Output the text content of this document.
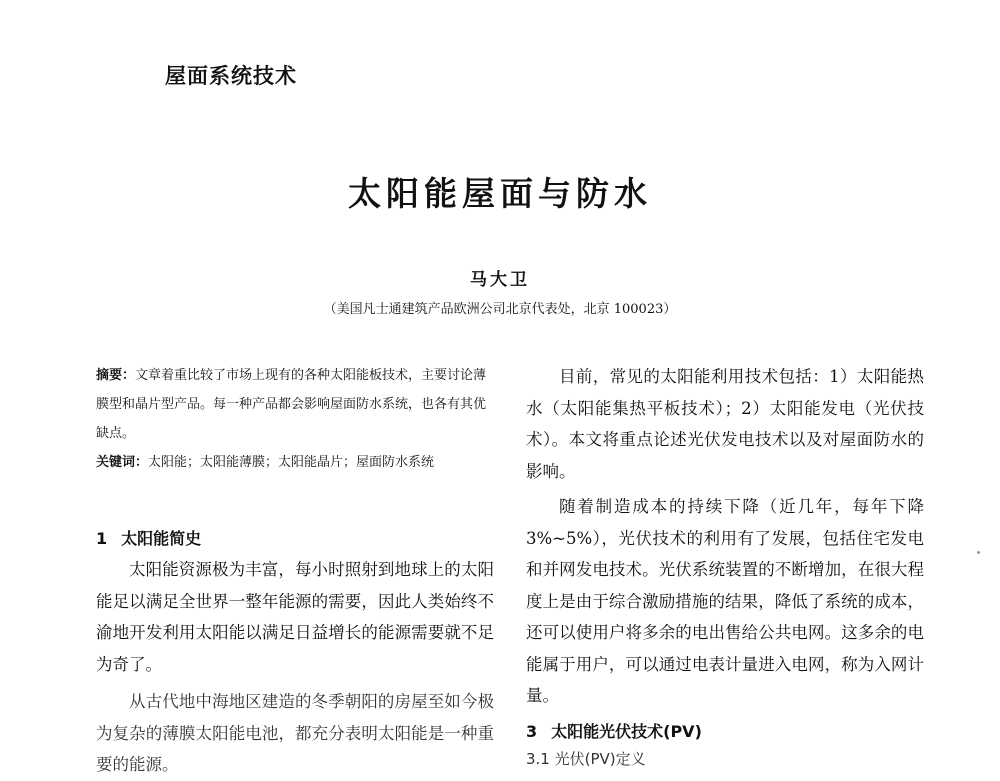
屋面系统技术
太阳能屋面与防水
马大卫
（美国凡士通建筑产品欧洲公司北京代表处，北京 100023）
摘要：文章着重比较了市场上现有的各种太阳能板技术，主要讨论薄膜型和晶片型产品。每一种产品都会影响屋面防水系统，也各有其优缺点。
关键词：太阳能；太阳能薄膜；太阳能晶片；屋面防水系统
1 太阳能简史
太阳能资源极为丰富，每小时照射到地球上的太阳能足以满足全世界一整年能源的需要，因此人类始终不渝地开发利用太阳能以满足日益增长的能源需要就不足为奇了。
从古代地中海地区建造的冬季朝阳的房屋至如今极为复杂的薄膜太阳能电池，都充分表明太阳能是一种重要的能源。
目前，常见的太阳能利用技术包括：1）太阳能热水（太阳能集热平板技术）；2）太阳能发电（光伏技术）。本文将重点论述光伏发电技术以及对屋面防水的影响。
随着制造成本的持续下降（近几年，每年下降3%~5%），光伏技术的利用有了发展，包括住宅发电和并网发电技术。光伏系统装置的不断增加，在很大程度上是由于综合激励措施的结果，降低了系统的成本，还可以使用户将多余的电出售给公共电网。这多余的电能属于用户，可以通过电表计量进入电网，称为入网计量。
3 太阳能光伏技术(PV)
3.1 光伏(PV)定义
